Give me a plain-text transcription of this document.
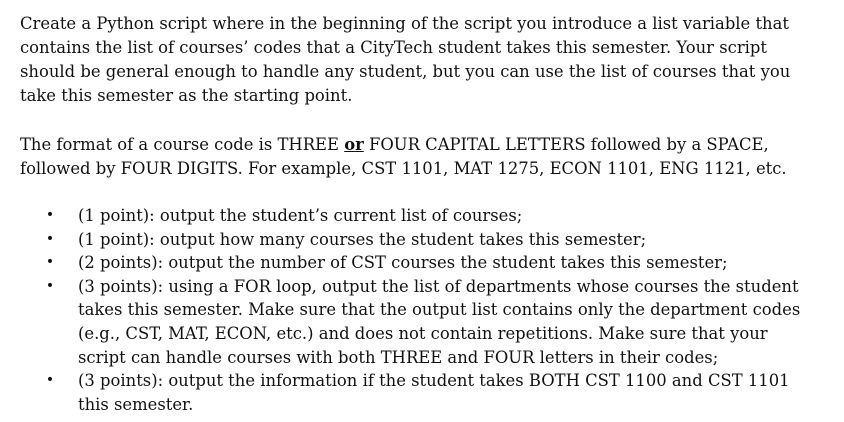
Create a Python script where in the beginning of the script you introduce a list variable that contains the list of courses’ codes that a CityTech student takes this semester. Your script should be general enough to handle any student, but you can use the list of courses that you take this semester as the starting point.

The format of a course code is THREE or FOUR CAPITAL LETTERS followed by a SPACE, followed by FOUR DIGITS. For example, CST 1101, MAT 1275, ECON 1101, ENG 1121, etc.

• (1 point): output the student’s current list of courses;
• (1 point): output how many courses the student takes this semester;
• (2 points): output the number of CST courses the student takes this semester;
• (3 points): using a FOR loop, output the list of departments whose courses the student takes this semester. Make sure that the output list contains only the department codes (e.g., CST, MAT, ECON, etc.) and does not contain repetitions. Make sure that your script can handle courses with both THREE and FOUR letters in their codes;
• (3 points): output the information if the student takes BOTH CST 1100 and CST 1101 this semester.
